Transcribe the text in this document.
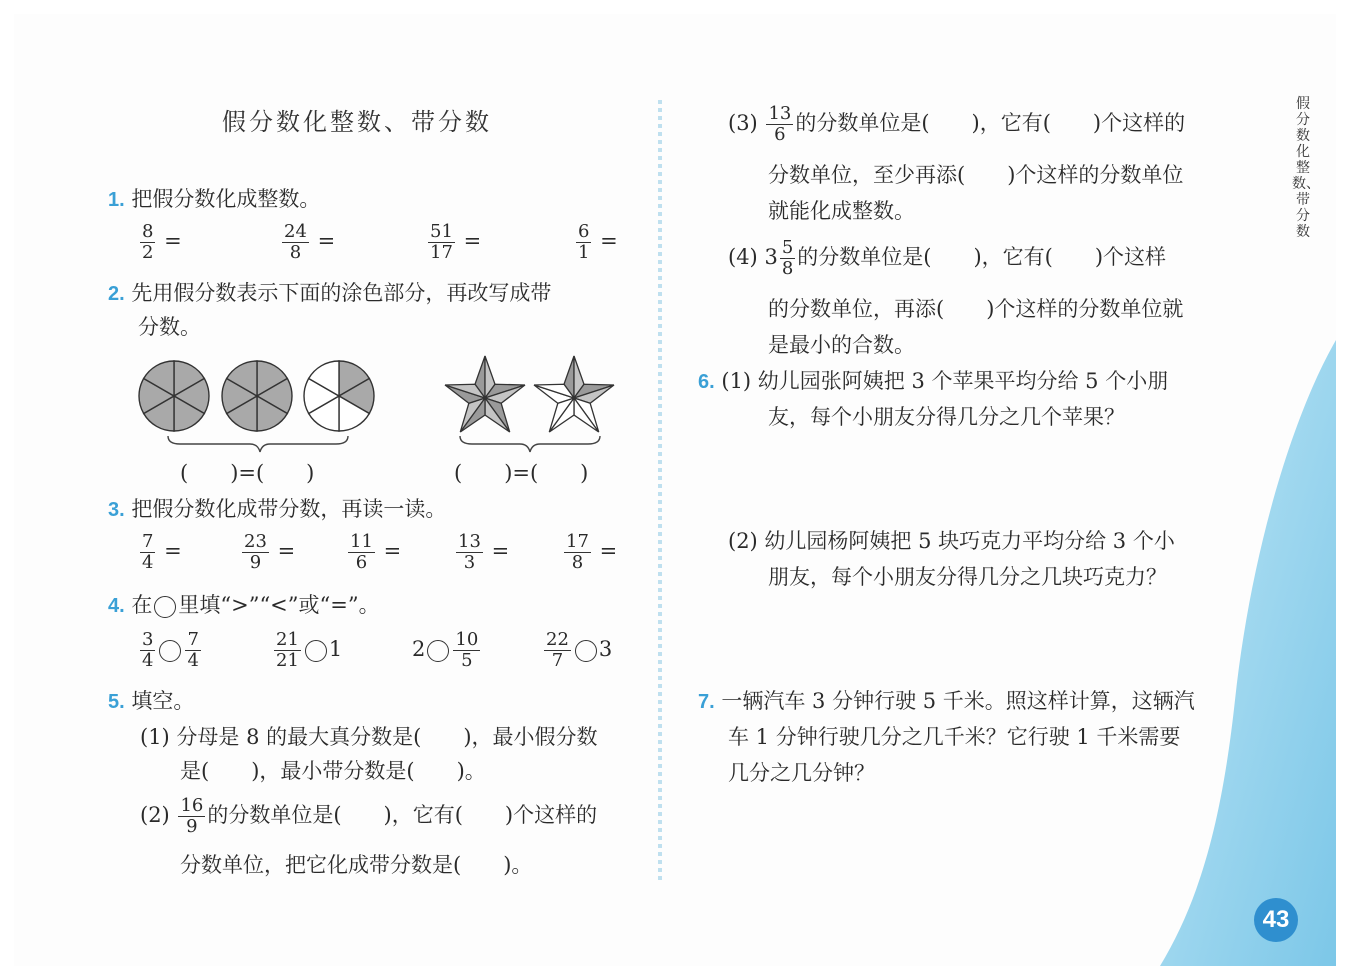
假分数化整数、带分数
1. 把假分数化成整数。
$\frac{8}{2}$ =	$\frac{24}{8}$ =	$\frac{51}{17}$ =	$\frac{6}{1}$ =
2. 先用假分数表示下面的涂色部分，再改写成带
分数。
(　　)=(　　)	(　　)=(　　)
3. 把假分数化成带分数，再读一读。
$\frac{7}{4}$ =	$\frac{23}{9}$ =	$\frac{11}{6}$ =	$\frac{13}{3}$ =	$\frac{17}{8}$ =
4. 在 里填“>”“<”或“=”。
$\frac{3}{4} \frac{7}{4}$	$\frac{21}{21} 1$	$2 \frac{10}{5}$	$\frac{22}{7} 3$
5. 填空。
(1) 分母是 8 的最大真分数是(　　)，最小假分数
是(　　)，最小带分数是(　　)。
$(2) \frac{16}{9}$ 的分数单位是(　　)，它有(　　)个这样的
分数单位，把它化成带分数是(　　)。
$(3) \frac{13}{6}$ 的分数单位是(　　)，它有(　　)个这样的
分数单位，至少再添(　　)个这样的分数单位
就能化成整数。
(4) $3 \frac{5}{8}$ 的分数单位是(　　)，它有(　　)个这样
的分数单位，再添(　　)个这样的分数单位就
是最小的合数。
6. (1) 幼儿园张阿姨把 3 个苹果平均分给 5 个小朋
友，每个小朋友分得几分之几个苹果？
(2) 幼儿园杨阿姨把 5 块巧克力平均分给 3 个小
朋友，每个小朋友分得几分之几块巧克力？
7. 一辆汽车 3 分钟行驶 5 千米。照这样计算，这辆汽
车 1 分钟行驶几分之几千米？它行驶 1 千米需要
几分之几分钟？
假分数化整数、带分数
43
